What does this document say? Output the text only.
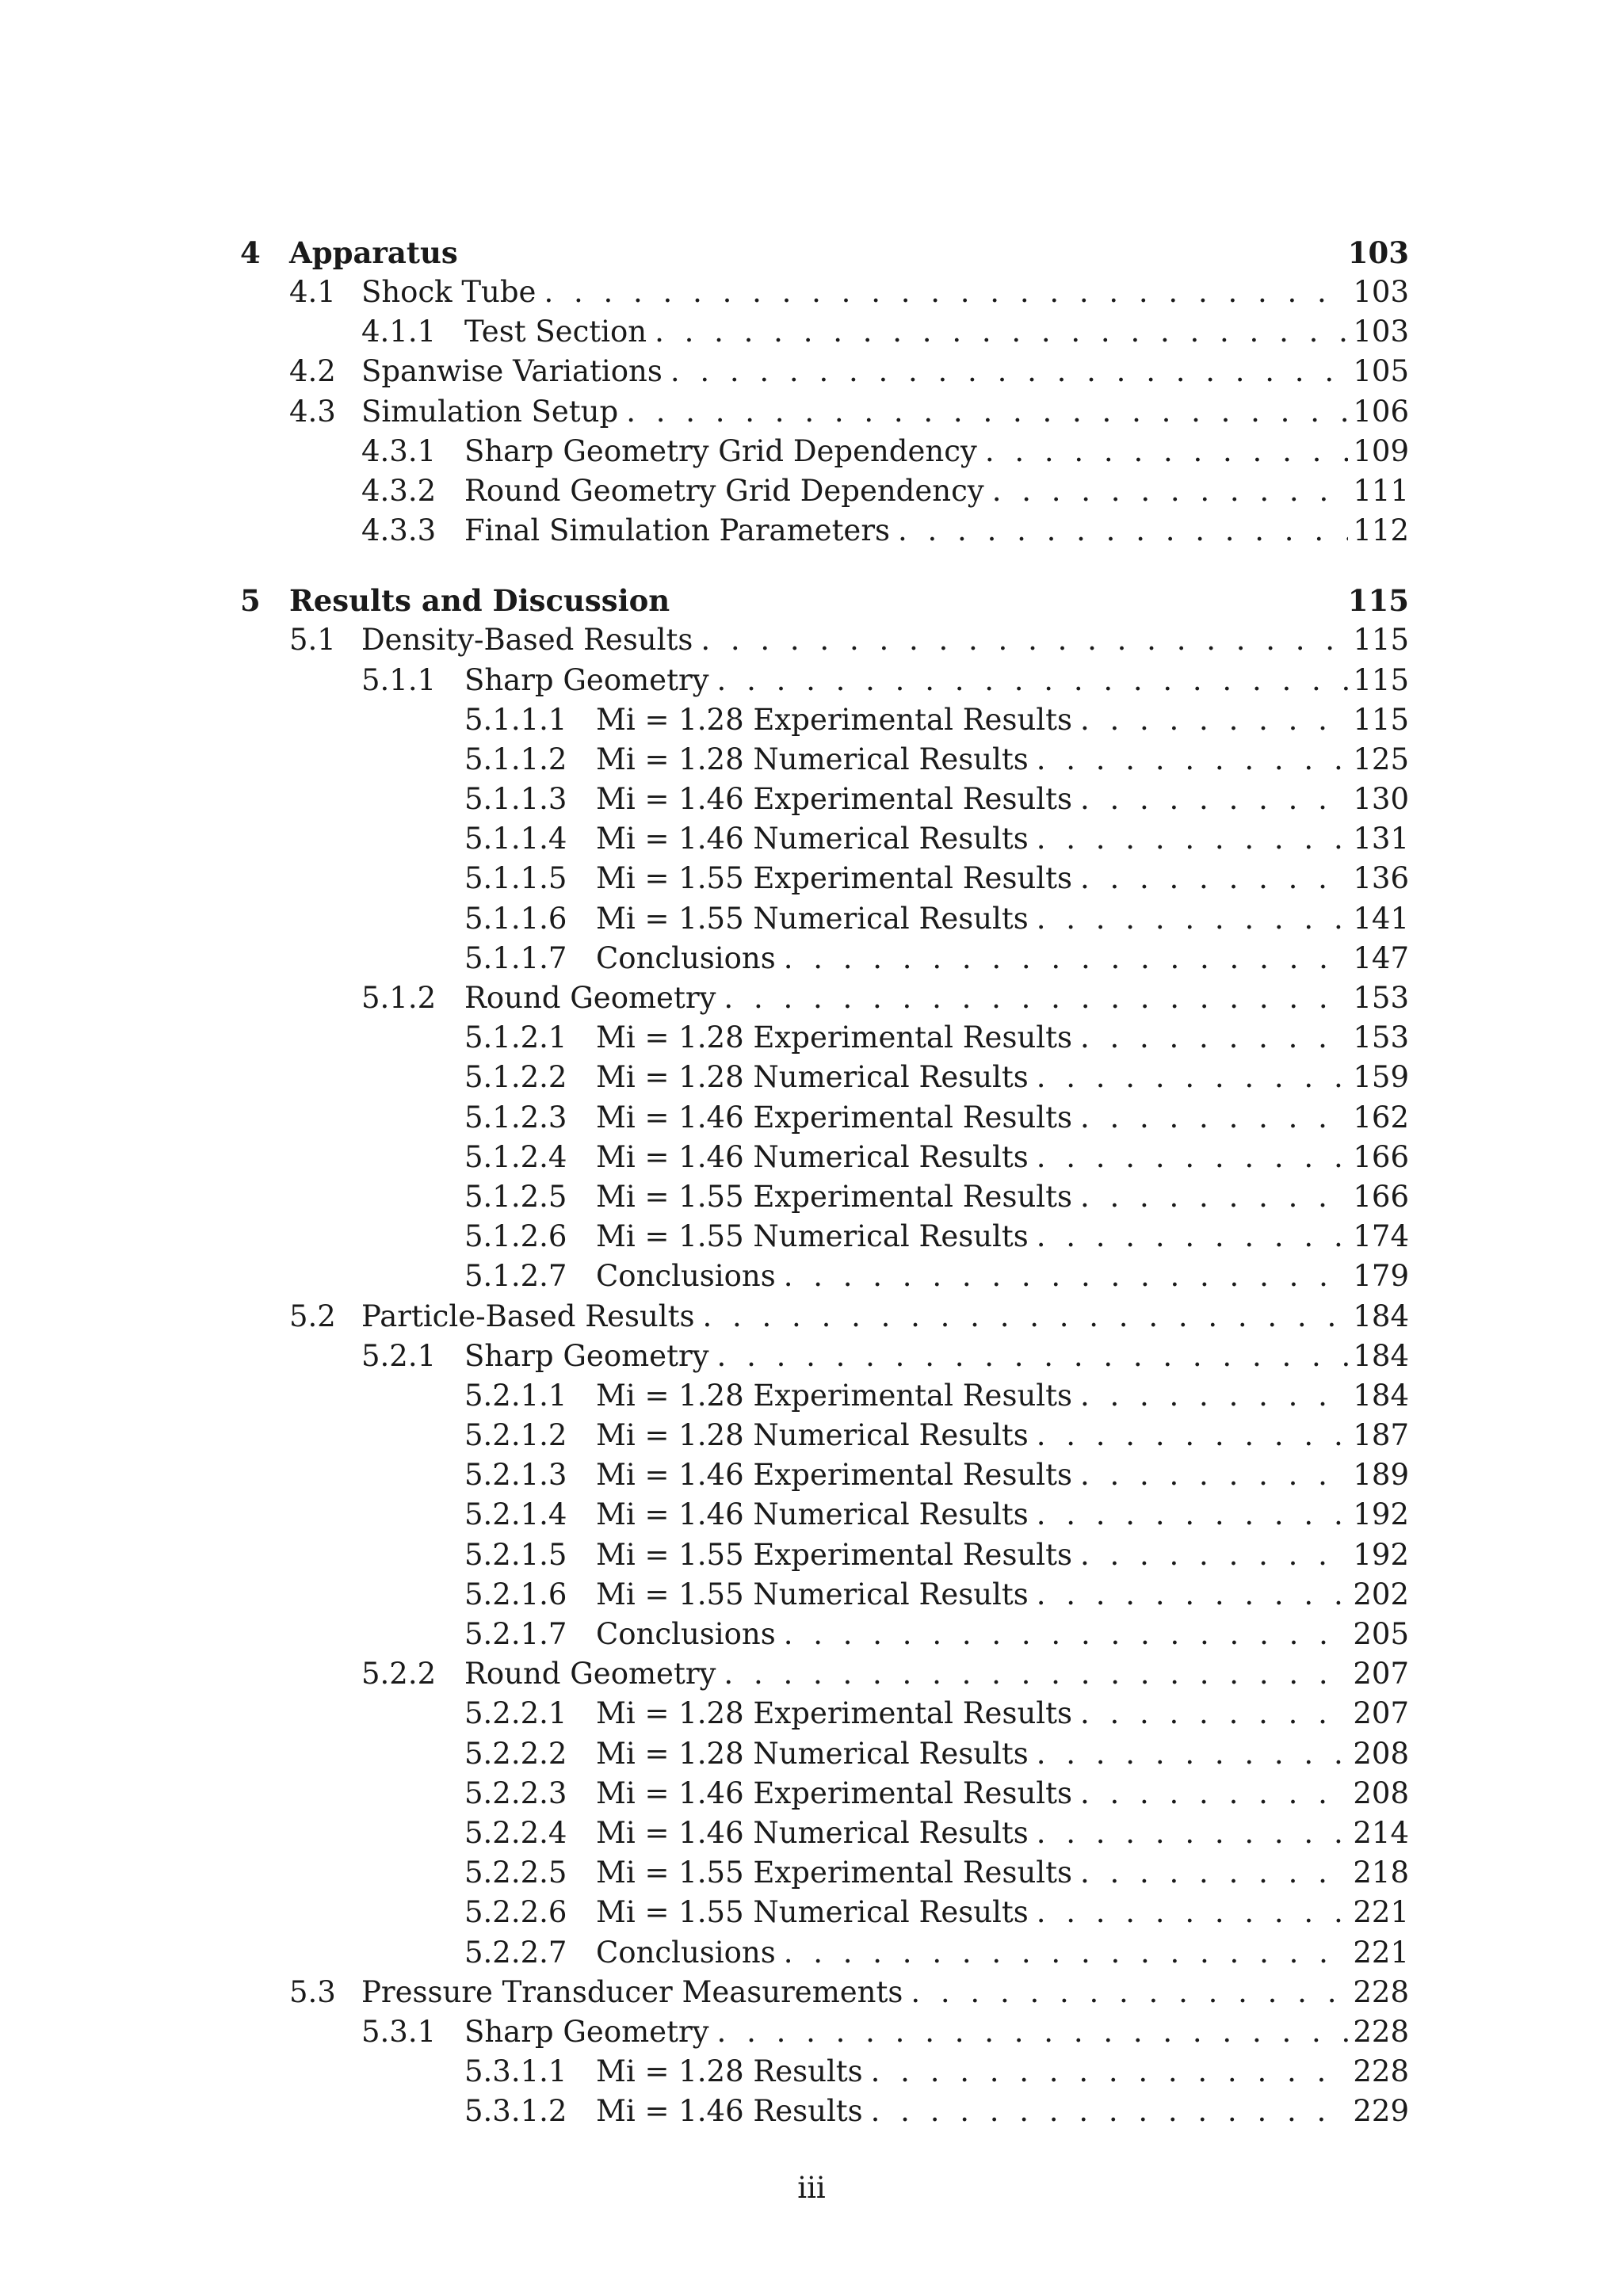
4 Apparatus	103
4.1 Shock Tube . . .	103
4.1.1 Test Section . . .	103
4.2 Spanwise Variations . . .	105
4.3 Simulation Setup . . .	106
4.3.1 Sharp Geometry Grid Dependency . . .	109
4.3.2 Round Geometry Grid Dependency . . .	111
4.3.3 Final Simulation Parameters . . .	112
5 Results and Discussion	115
5.1 Density-Based Results . . .	115
5.1.1 Sharp Geometry . . .	115
5.1.1.1 Mi = 1.28 Experimental Results . . .	115
5.1.1.2 Mi = 1.28 Numerical Results . . .	125
5.1.1.3 Mi = 1.46 Experimental Results . . .	130
5.1.1.4 Mi = 1.46 Numerical Results . . .	131
5.1.1.5 Mi = 1.55 Experimental Results . . .	136
5.1.1.6 Mi = 1.55 Numerical Results . . .	141
5.1.1.7 Conclusions . . .	147
5.1.2 Round Geometry . . .	153
5.1.2.1 Mi = 1.28 Experimental Results . . .	153
5.1.2.2 Mi = 1.28 Numerical Results . . .	159
5.1.2.3 Mi = 1.46 Experimental Results . . .	162
5.1.2.4 Mi = 1.46 Numerical Results . . .	166
5.1.2.5 Mi = 1.55 Experimental Results . . .	166
5.1.2.6 Mi = 1.55 Numerical Results . . .	174
5.1.2.7 Conclusions . . .	179
5.2 Particle-Based Results . . .	184
5.2.1 Sharp Geometry . . .	184
5.2.1.1 Mi = 1.28 Experimental Results . . .	184
5.2.1.2 Mi = 1.28 Numerical Results . . .	187
5.2.1.3 Mi = 1.46 Experimental Results . . .	189
5.2.1.4 Mi = 1.46 Numerical Results . . .	192
5.2.1.5 Mi = 1.55 Experimental Results . . .	192
5.2.1.6 Mi = 1.55 Numerical Results . . .	202
5.2.1.7 Conclusions . . .	205
5.2.2 Round Geometry . . .	207
5.2.2.1 Mi = 1.28 Experimental Results . . .	207
5.2.2.2 Mi = 1.28 Numerical Results . . .	208
5.2.2.3 Mi = 1.46 Experimental Results . . .	208
5.2.2.4 Mi = 1.46 Numerical Results . . .	214
5.2.2.5 Mi = 1.55 Experimental Results . . .	218
5.2.2.6 Mi = 1.55 Numerical Results . . .	221
5.2.2.7 Conclusions . . .	221
5.3 Pressure Transducer Measurements . . .	228
5.3.1 Sharp Geometry . . .	228
5.3.1.1 Mi = 1.28 Results . . .	228
5.3.1.2 Mi = 1.46 Results . . .	229
iii
